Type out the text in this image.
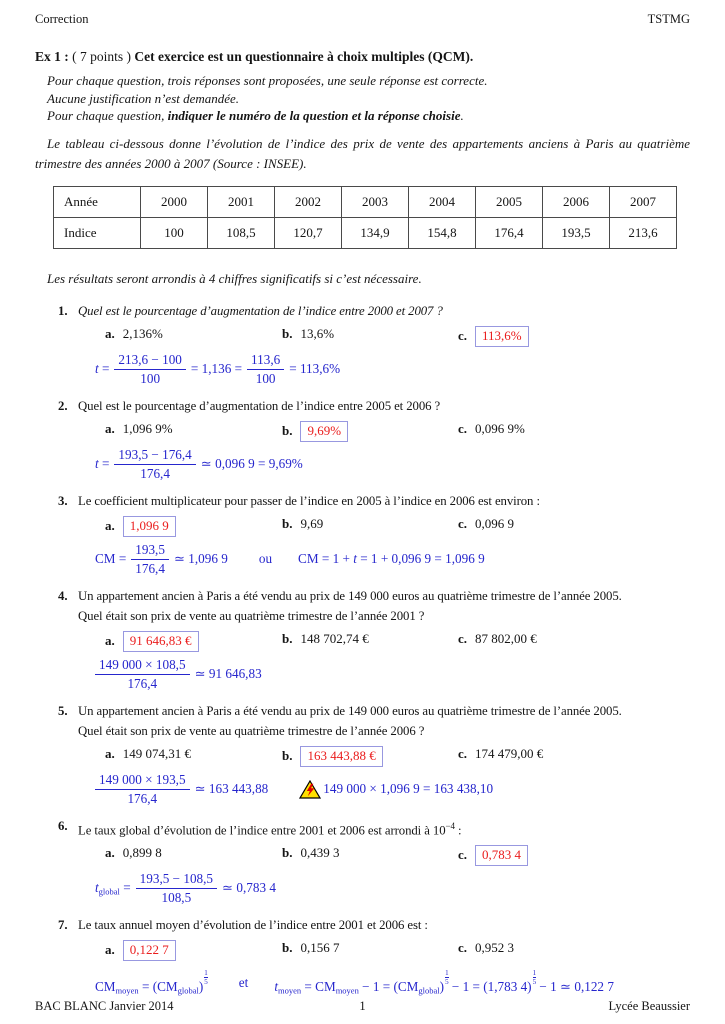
Correction	TSTMG
Ex 1 : ( 7 points ) Cet exercice est un questionnaire à choix multiples (QCM).
Pour chaque question, trois réponses sont proposées, une seule réponse est correcte.
Aucune justification n’est demandée.
Pour chaque question, indiquer le numéro de la question et la réponse choisie.
Le tableau ci-dessous donne l’évolution de l’indice des prix de vente des appartements anciens à Paris au quatrième trimestre des années 2000 à 2007 (Source : INSEE).
Année	2000	2001	2002	2003	2004	2005	2006	2007
Indice	100	108,5	120,7	134,9	154,8	176,4	193,5	213,6
Les résultats seront arrondis à 4 chiffres significatifs si c’est nécessaire.
1. Quel est le pourcentage d’augmentation de l’indice entre 2000 et 2007 ?
a. 2,136%	b. 13,6%	c. 113,6%
$t = \frac{213,6 - 100}{100} = 1,136 = \frac{113,6}{100} = 113,6\%$
2. Quel est le pourcentage d’augmentation de l’indice entre 2005 et 2006 ?
a. 1,096 9%	b. 9,69%	c. 0,096 9%
$t = \frac{193,5 - 176,4}{176,4}$ ≃ 0,096 9 = 9,69%
3. Le coefficient multiplicateur pour passer de l’indice en 2005 à l’indice en 2006 est environ :
a. 1,096 9	b. 9,69	c. 0,096 9
CM = $\frac{193,5}{176,4}$ ≃ 1,096 9 ou CM = 1 + t = 1 + 0,096 9 = 1,096 9
4. Un appartement ancien à Paris a été vendu au prix de 149 000 euros au quatrième trimestre de l’année 2005.
Quel était son prix de vente au quatrième trimestre de l’année 2001 ?
a. 91 646,83 €	b. 148 702,74 €	c. 87 802,00 €
$\frac{149 000 \times 108,5}{176,4}$ ≃ 91 646,83
5. Un appartement ancien à Paris a été vendu au prix de 149 000 euros au quatrième trimestre de l’année 2005.
Quel était son prix de vente au quatrième trimestre de l’année 2006 ?
a. 149 074,31 €	b. 163 443,88 €	c. 174 479,00 €
$\frac{149 000 \times 193,5}{176,4}$ ≃ 163 443,88	149 000 × 1,096 9 = 163 438,10
6. Le taux global d’évolution de l’indice entre 2001 et 2006 est arrondi à $10^{-4}$ :
a. 0,899 8	b. 0,439 3	c. 0,783 4
$t_{global} = \frac{193,5 - 108,5}{108,5}$ ≃ 0,783 4
7. Le taux annuel moyen d’évolution de l’indice entre 2001 et 2006 est :
a. 0,122 7	b. 0,156 7	c. 0,952 3
$CM_{moyen} = (CM_{global})$
$\frac{1}{5}$ et $t_{moyen} = CM_{moyen} - 1 = (CM_{global})$
$\frac{1}{5}$
− 1 = (1,783 4)
$\frac{1}{5}$
− 1 ≃ 0,122 7
BAC BLANC Janvier 2014	1	Lycée Beaussier
